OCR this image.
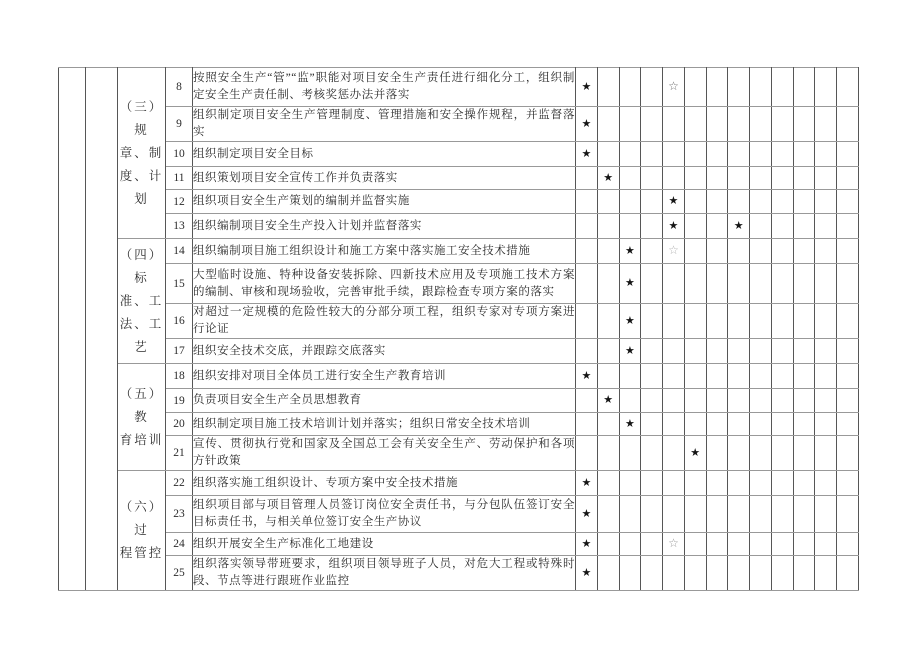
		（三）规
章、制
度、计划	8	按照安全生产“管”“监”职能对项目安全生产责任进行细化分工，组织制定安全生产责任制、考核奖惩办法并落实	★				☆								
			9	组织制定项目安全生产管理制度、管理措施和安全操作规程，并监督落实	★												
			10	组织制定项目安全目标	★												
			11	组织策划项目安全宣传工作并负责落实		★											
			12	组织项目安全生产策划的编制并监督实施					★								
			13	组织编制项目安全生产投入计划并监督落实					★			★					

		（四）标
准、工
法、工艺	14	组织编制项目施工组织设计和施工方案中落实施工安全技术措施			★		☆								
			15	大型临时设施、特种设备安装拆除、四新技术应用及专项施工技术方案的编制、审核和现场验收，完善审批手续，跟踪检查专项方案的落实			★										
			16	对超过一定规模的危险性较大的分部分项工程，组织专家对专项方案进行论证			★										
			17	组织安全技术交底，并跟踪交底落实			★										

		（五）教
育培训	18	组织安排对项目全体员工进行安全生产教育培训	★												
			19	负责项目安全生产全员思想教育		★											
			20	组织制定项目施工技术培训计划并落实；组织日常安全技术培训			★										
			21	宣传、贯彻执行党和国家及全国总工会有关安全生产、劳动保护和各项方针政策						★							

		（六）过
程管控	22	组织落实施工组织设计、专项方案中安全技术措施	★												
			23	组织项目部与项目管理人员签订岗位安全责任书，与分包队伍签订安全目标责任书，与相关单位签订安全生产协议	★												
			24	组织开展安全生产标准化工地建设	★				☆								
			25	组织落实领导带班要求，组织项目领导班子人员，对危大工程或特殊时段、节点等进行跟班作业监控	★												
